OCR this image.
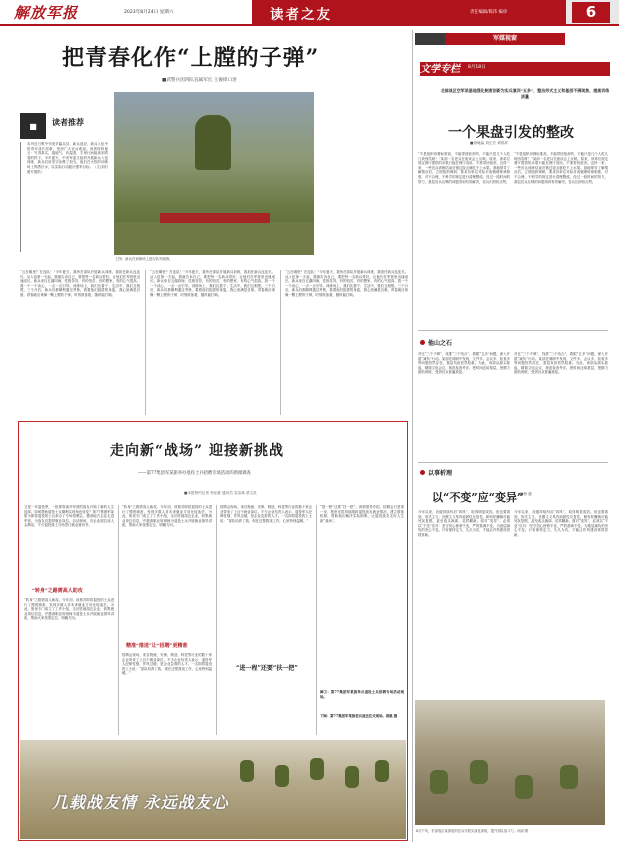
解放军报	2023年8月24日 星期六	读者之友	责任编辑/陈伟 编审	6
把青春化作“上膛的子弹”
■武警兵团四队直属军官 王俊锋口述
■	读者推荐
本刊近日集中刊发多篇兵员、新兵适应、新兵入伍中的青年成长故事，受到广大官兵欢迎。读者纷纷留言：写得真实，接地气，有温度，字里行间能读到青春的样子。今年夏天，中央军委又组织开展新兵入伍训练，新兵们用坚守诠释了担当。他们在火热的训练场上挥洒汗水，以实际行动践行强军目标。（文/刘灯 照片提供）
上图：新兵在训练场上进行队列训练。
“云在哪里？在连队！”今年夏天，我所在部队开展新兵训练，我担任新兵连连长。从入伍第一天起，我就告诉自己，要把每一名新兵带好，让他们在军营里迅速成长。新兵来自五湖四海，性格各异，有的怕苦，有的想家，有的心气很高。我一个一个谈心，一点一点引导。训练场上，我们比着干；生活中，我们互相帮。三个月后，新兵们都顺利通过考核，看着他们挺拔的身姿，我心里满是自豪。青春就应该像一颗上膛的子弹，时刻准备着，随时能打响。
“云在哪里？在连队！”今年夏天，我所在部队开展新兵训练，我担任新兵连连长。从入伍第一天起，我就告诉自己，要把每一名新兵带好，让他们在军营里迅速成长。新兵来自五湖四海，性格各异，有的怕苦，有的想家，有的心气很高。我一个一个谈心，一点一点引导。训练场上，我们比着干；生活中，我们互相帮。三个月后，新兵们都顺利通过考核，看着他们挺拔的身姿，我心里满是自豪。青春就应该像一颗上膛的子弹，时刻准备着，随时能打响。
“云在哪里？在连队！”今年夏天，我所在部队开展新兵训练，我担任新兵连连长。从入伍第一天起，我就告诉自己，要把每一名新兵带好，让他们在军营里迅速成长。新兵来自五湖四海，性格各异，有的怕苦，有的想家，有的心气很高。我一个一个谈心，一点一点引导。训练场上，我们比着干；生活中，我们互相帮。三个月后，新兵们都顺利通过考核，看着他们挺拔的身姿，我心里满是自豪。青春就应该像一颗上膛的子弹，时刻准备着，随时能打响。
军媒视窗
文学专栏 8月18日
北部战区空军某基地强化制度创新为实兵演训“五多”，整治形式主义和基层不满现象，提高训练质量
一个果盘引发的整改
■徐晓淼 刘正宏 黄锦祥
“不是组织用餐标准高，不能带回宿舍吗，不能只是几个人吃几块西瓜呀！”某部一名老兵在座谈会上反映。原来，该单位规定餐厅提供的水果只能在餐厅食用，不准带回宿舍。这样一来，一些官兵训练结束后错过饭点就吃不上水果。基地领导了解情况后，立即组织调研，要求各单位对标对表梳理规章制度，对不合理、不科学的规定进行清理整改。经过一段时间的努力，基层官兵反映的问题得到有效解决，官兵们纷纷点赞。
“不是组织用餐标准高，不能带回宿舍吗，不能只是几个人吃几块西瓜呀！”某部一名老兵在座谈会上反映。原来，该单位规定餐厅提供的水果只能在餐厅食用，不准带回宿舍。这样一来，一些官兵训练结束后错过饭点就吃不上水果。基地领导了解情况后，立即组织调研，要求各单位对标对表梳理规章制度，对不合理、不科学的规定进行清理整改。经过一段时间的努力，基层官兵反映的问题得到有效解决，官兵们纷纷点赞。
他山之石
对比“三个不够”，找准“三个结合”，着眼“五多”问题，深入开展“减负”行动。某部在调研中发现，文件多、会议多、检查多等问题仍然存在，基层负担依然较重。为此，该部从源头抓起，精简文电会议，规范检查考评，把时间还给基层，把精力留给训练，受到官兵普遍欢迎。
对比“三个不够”，找准“三个结合”，着眼“五多”问题，深入开展“减负”行动。某部在调研中发现，文件多、会议多、检查多等问题仍然存在，基层负担依然较重。为此，该部从源头抓起，精简文电会议，规范检查考评，把时间还给基层，把精力留给训练，受到官兵普遍欢迎。
以事析理
以“不变”应“变异”
■杨 越
今年以来，各级持续纠治“四风”，取得明显成效。但也要看到，形式主义、官僚主义具有顽固性反复性，稍有松懈就可能死灰复燃，甚至改头换面、花样翻新。面对“变异”，必须以“不变”应对：坚守初心使命不变，严的基调不变，为基层减负的决心不变。只有保持定力、久久为功，才能让作风建设常抓常新。
今年以来，各级持续纠治“四风”，取得明显成效。但也要看到，形式主义、官僚主义具有顽固性反复性，稍有松懈就可能死灰复燃，甚至改头换面、花样翻新。面对“变异”，必须以“不变”应对：坚守初心使命不变，严的基调不变，为基层减负的决心不变。只有保持定力、久久为功，才能让作风建设常抓常新。
8月下旬，东部战区某部组织官兵开展实战化训练，提升部队战斗力。孙丽 摄
走向新“战场” 迎接新挑战
——第77集团军某旅举办退役士兵招聘专场活动的新闻调查
■本报特约记者 李佳豪 通讯员 袁洁林 蔡文武
又是一年退役季，一批即将离开军营的战友开始了新的人生选择。如何帮助退役士兵顺利实现角色转变？第77集团军某旅为即将退役的士兵举办了专场招聘会，邀请地方企业走进军营，为战友们提供就业岗位。活动现场，各企业展位前人头攒动，不少退役战士当场签订就业意向书。
“转身”之路需高人助攻
“转身”之路需高人助攻。今年初，该旅对即将退役的士兵进行了摸底调查，发现多数人对未来就业方向比较迷茫。为此，旅里专门成立了工作小组，走访驻地周边企业，收集就业岗位信息，并邀请职业规划师为退役士兵开展就业指导讲座，帮助大家找准定位、明确方向。
“转身”之路需高人助攻。今年初，该旅对即将退役的士兵进行了摸底调查，发现多数人对未来就业方向比较迷茫。为此，旅里专门成立了工作小组，走访驻地周边企业，收集就业岗位信息，并邀请职业规划师为退役士兵开展就业指导讲座，帮助大家找准定位、明确方向。
精准“推送”让“招聘”更精准
招聘会现场，来自物流、安保、制造、科技等行业的数十家企业带来了上百个就业岗位。不少企业负责人表示，退役军人纪律性强、作风过硬，是企业急需的人才。一名即将退役的上士说：“部队培养了我，现在还帮我找工作，心里特别温暖。”
招聘会现场，来自物流、安保、制造、科技等行业的数十家企业带来了上百个就业岗位。不少企业负责人表示，退役军人纪律性强、作风过硬，是企业急需的人才。一名即将退役的上士说：“部队培养了我，现在还帮我找工作，心里特别温暖。”
“进一程”还要“扶一把”
“进一程”还要“扶一把”。该旅领导介绍，招聘会只是第一步，旅里还将持续跟踪退役战友就业情况，建立联系机制，帮助他们解决实际困难，让退役战友走好人生新“战场”。
图①：第77集团军某旅举办退役士兵招聘专场活动现场。
下图：第77集团军某旅老兵退伍仪式现场。周姚 摄
几载战友情 永远战友心
